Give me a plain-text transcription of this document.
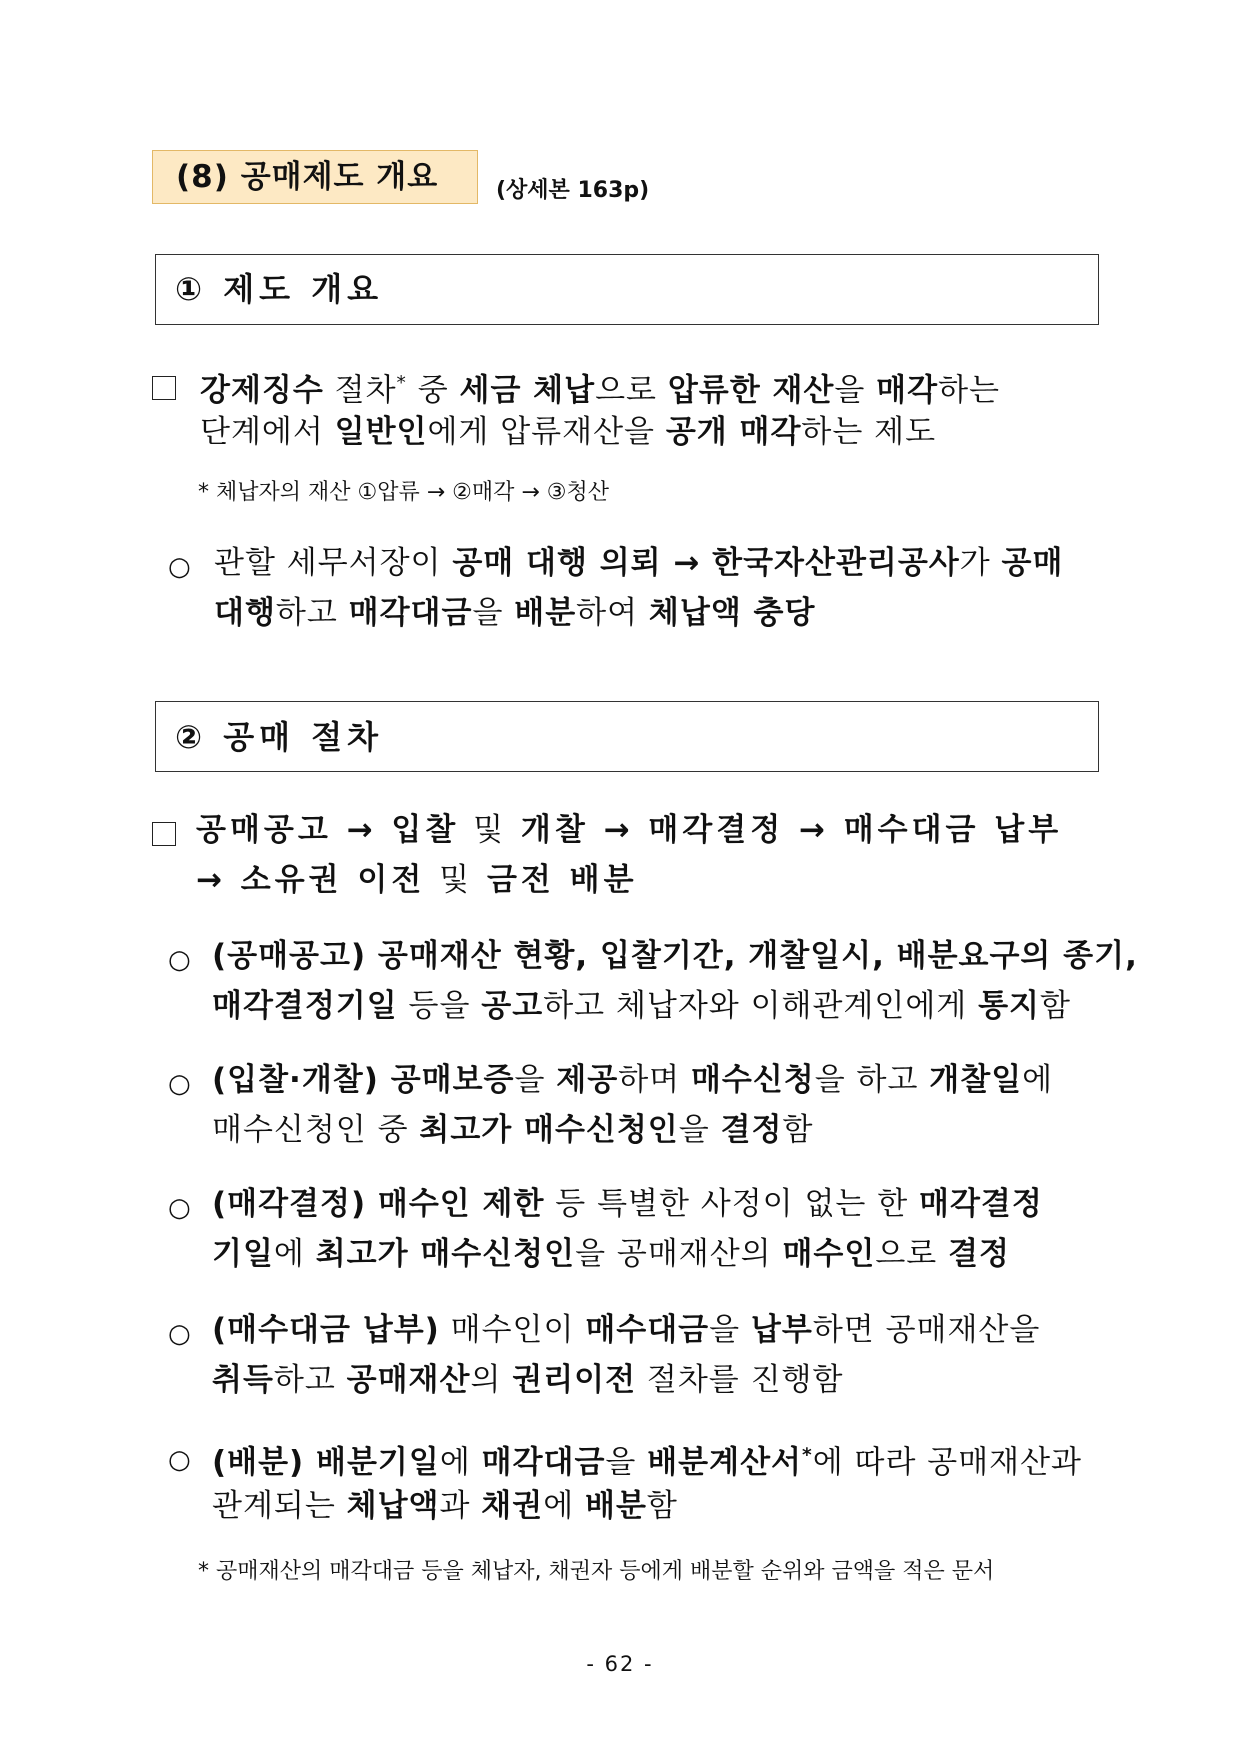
(8) 공매제도 개요	(상세본 163p)
① 제도 개요
강제징수 절차* 중 세금 체납으로 압류한 재산을 매각하는
단계에서 일반인에게 압류재산을 공개 매각하는 제도
* 체납자의 재산 ①압류 → ②매각 → ③청산
○ 관할 세무서장이 공매 대행 의뢰 → 한국자산관리공사가 공매
대행하고 매각대금을 배분하여 체납액 충당
② 공매 절차
공매공고 → 입찰 및 개찰 → 매각결정 → 매수대금 납부
→ 소유권 이전 및 금전 배분
○ (공매공고) 공매재산 현황, 입찰기간, 개찰일시, 배분요구의 종기,
매각결정기일 등을 공고하고 체납자와 이해관계인에게 통지함
○ (입찰·개찰) 공매보증을 제공하며 매수신청을 하고 개찰일에
매수신청인 중 최고가 매수신청인을 결정함
○ (매각결정) 매수인 제한 등 특별한 사정이 없는 한 매각결정
기일에 최고가 매수신청인을 공매재산의 매수인으로 결정
○ (매수대금 납부) 매수인이 매수대금을 납부하면 공매재산을
취득하고 공매재산의 권리이전 절차를 진행함
○ (배분) 배분기일에 매각대금을 배분계산서*에 따라 공매재산과
관계되는 체납액과 채권에 배분함
* 공매재산의 매각대금 등을 체납자, 채권자 등에게 배분할 순위와 금액을 적은 문서
- 62 -
